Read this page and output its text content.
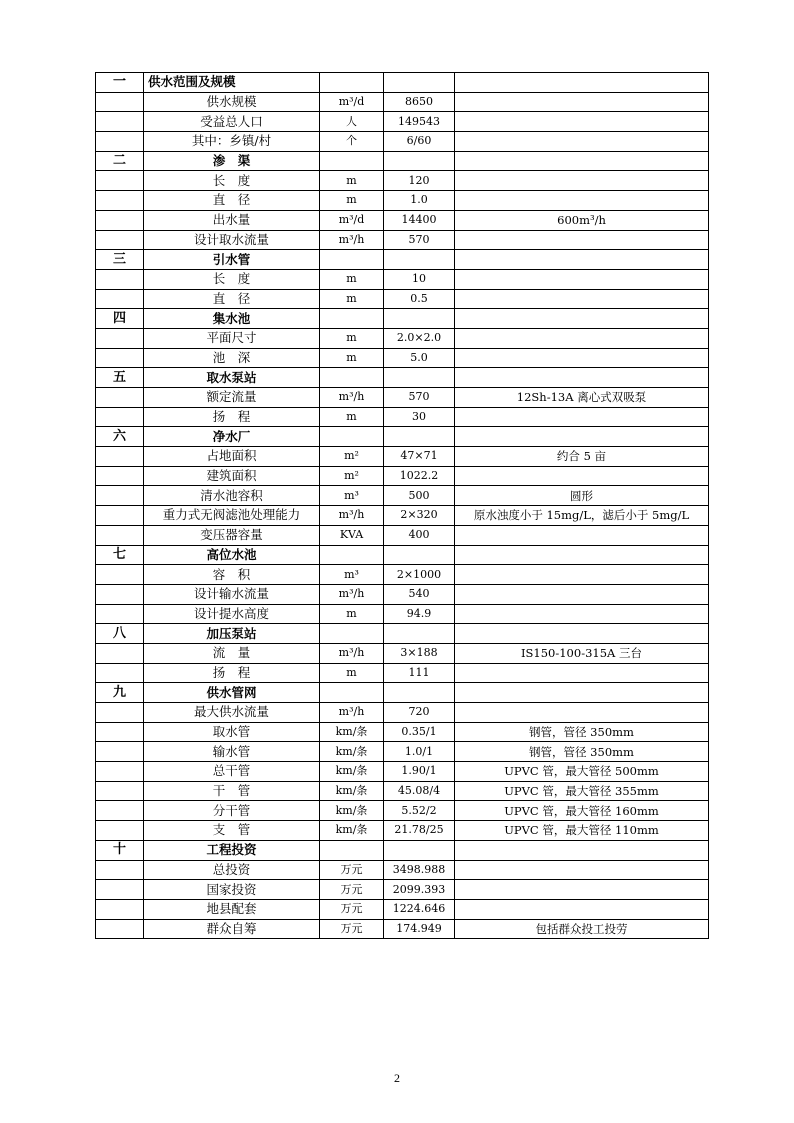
一	供水范围及规模			
	供水规模	m³/d	8650	
	受益总人口	人	149543	
	其中：乡镇/村	个	6/60	
二	渗　渠			
	长　度	m	120	
	直　径	m	1.0	
	出水量	m³/d	14400	600m³/h
	设计取水流量	m³/h	570	
三	引水管			
	长　度	m	10	
	直　径	m	0.5	
四	集水池			
	平面尺寸	m	2.0×2.0	
	池　深	m	5.0	
五	取水泵站			
	额定流量	m³/h	570	12Sh-13A 离心式双吸泵
	扬　程	m	30	
六	净水厂			
	占地面积	m²	47×71	约合 5 亩
	建筑面积	m²	1022.2	
	清水池容积	m³	500	圆形
	重力式无阀滤池处理能力	m³/h	2×320	原水浊度小于 15mg/L，滤后小于 5mg/L
	变压器容量	KVA	400	
七	高位水池			
	容　积	m³	2×1000	
	设计输水流量	m³/h	540	
	设计提水高度	m	94.9	
八	加压泵站			
	流　量	m³/h	3×188	IS150-100-315A 三台
	扬　程	m	111	
九	供水管网			
	最大供水流量	m³/h	720	
	取水管	km/条	0.35/1	钢管，管径 350mm
	输水管	km/条	1.0/1	钢管，管径 350mm
	总干管	km/条	1.90/1	UPVC 管，最大管径 500mm
	干　管	km/条	45.08/4	UPVC 管，最大管径 355mm
	分干管	km/条	5.52/2	UPVC 管，最大管径 160mm
	支　管	km/条	21.78/25	UPVC 管，最大管径 110mm
十	工程投资			
	总投资	万元	3498.988	
	国家投资	万元	2099.393	
	地县配套	万元	1224.646	
	群众自筹	万元	174.949	包括群众投工投劳
2
